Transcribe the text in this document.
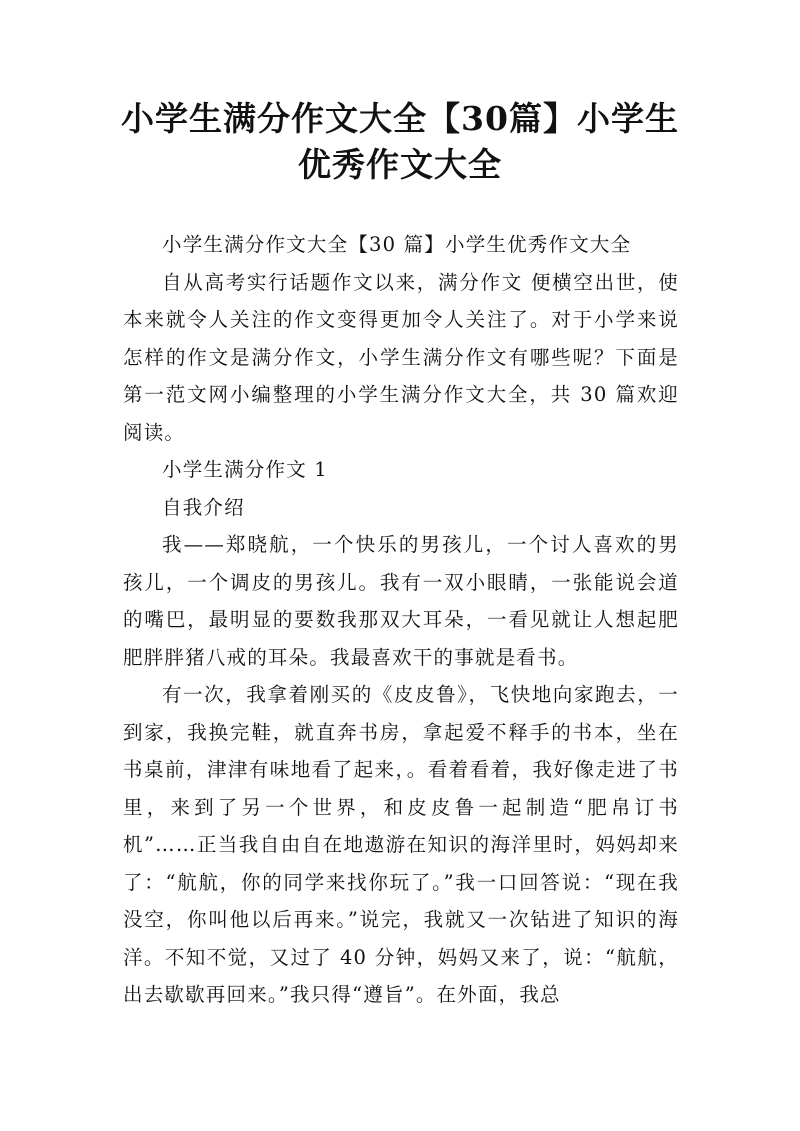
小学生满分作文大全【30篇】小学生优秀作文大全

小学生满分作文大全【30 篇】小学生优秀作文大全

自从高考实行话题作文以来，满分作文 便横空出世，使本来就令人关注的作文变得更加令人关注了。对于小学来说怎样的作文是满分作文，小学生满分作文有哪些呢？下面是第一范文网小编整理的小学生满分作文大全，共 30 篇欢迎阅读。

小学生满分作文 1

自我介绍

我——郑晓航，一个快乐的男孩儿，一个讨人喜欢的男孩儿，一个调皮的男孩儿。我有一双小眼睛，一张能说会道的嘴巴，最明显的要数我那双大耳朵，一看见就让人想起肥肥胖胖猪八戒的耳朵。我最喜欢干的事就是看书。

有一次，我拿着刚买的《皮皮鲁》，飞快地向家跑去，一到家，我换完鞋，就直奔书房，拿起爱不释手的书本，坐在书桌前，津津有味地看了起来，。看着看着，我好像走进了书里，来到了另一个世界，和皮皮鲁一起制造“肥帛订书机”……正当我自由自在地遨游在知识的海洋里时，妈妈却来了：“航航，你的同学来找你玩了。”我一口回答说：“现在我没空，你叫他以后再来。”说完，我就又一次钻进了知识的海洋。不知不觉，又过了 40 分钟，妈妈又来了，说：“航航，出去歇歇再回来。”我只得“遵旨”。在外面，我总
